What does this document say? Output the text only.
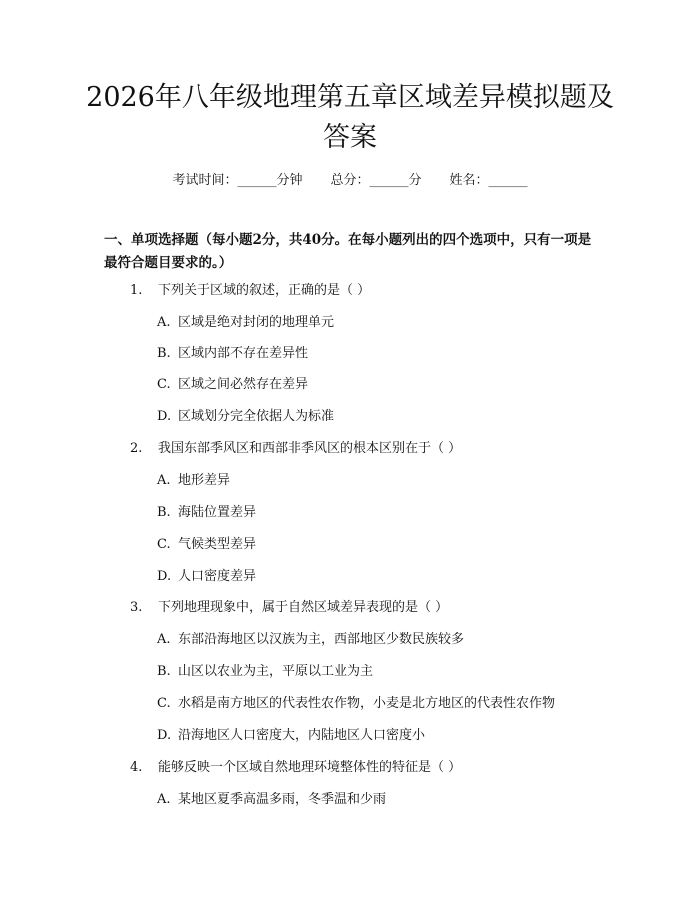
2026年八年级地理第五章区域差异模拟题及答案
考试时间：______分钟 总分：______分 姓名：______

一、单项选择题（每小题2分，共40分。在每小题列出的四个选项中，只有一项是最符合题目要求的。）

1. 下列关于区域的叙述，正确的是（ ）
A. 区域是绝对封闭的地理单元
B. 区域内部不存在差异性
C. 区域之间必然存在差异
D. 区域划分完全依据人为标准
2. 我国东部季风区和西部非季风区的根本区别在于（ ）
A. 地形差异
B. 海陆位置差异
C. 气候类型差异
D. 人口密度差异
3. 下列地理现象中，属于自然区域差异表现的是（ ）
A. 东部沿海地区以汉族为主，西部地区少数民族较多
B. 山区以农业为主，平原以工业为主
C. 水稻是南方地区的代表性农作物，小麦是北方地区的代表性农作物
D. 沿海地区人口密度大，内陆地区人口密度小
4. 能够反映一个区域自然地理环境整体性的特征是（ ）
A. 某地区夏季高温多雨，冬季温和少雨
